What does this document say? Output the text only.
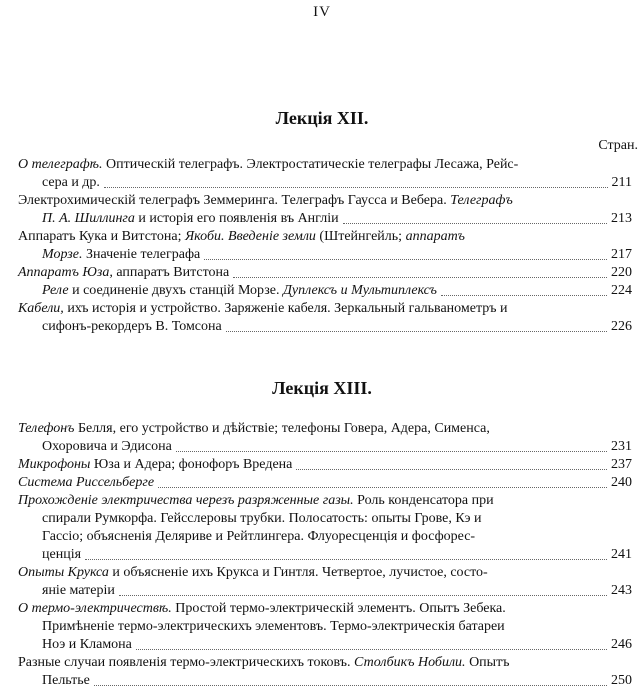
IV
Лекція XII.
Стран.
О телеграфѣ. Оптическій телеграфъ. Электростатическіе телеграфы Лесажа, Рейс-
сера и др.	211
Электрохимическій телеграфъ Земмеринга. Телеграфъ Гаусса и Вебера. Телеграфъ
П. А. Шиллинга и исторія его появленія въ Англіи	213
Аппаратъ Кука и Витстона; Якоби. Введеніе земли (Штейнгейль; аппаратъ
Морзе. Значеніе телеграфа	217
Аппаратъ Юза, аппаратъ Витстона	220
Реле и соединеніе двухъ станцій Морзе. Дуплексъ и Мультиплексъ	224
Кабели, ихъ исторія и устройство. Заряженіе кабеля. Зеркальный гальванометръ и
сифонъ-рекордеръ В. Томсона	226
Лекція XIII.
Телефонъ Белля, его устройство и дѣйствіе; телефоны Говера, Адера, Сименса,
Охоровича и Эдисона	231
Микрофоны Юза и Адера; фонофоръ Вредена	237
Система Риссельберге	240
Прохожденіе электричества черезъ разряженные газы. Роль конденсатора при
спирали Румкорфа. Гейсслеровы трубки. Полосатость: опыты Грове, Кэ и
Гассіо; объясненія Деляриве и Рейтлингера. Флуоресценція и фосфорес-
ценція	241
Опыты Крукса и объясненіе ихъ Крукса и Гинтля. Четвертое, лучистое, состо-
яніе матеріи	243
О термо-электричествѣ. Простой термо-электрическій элементъ. Опытъ Зебека.
Примѣненіе термо-электрическихъ элементовъ. Термо-электрическія батареи
Ноэ и Кламона	246
Разные случаи появленія термо-электрическихъ токовъ. Столбикъ Нобили. Опытъ
Пельтье	250
